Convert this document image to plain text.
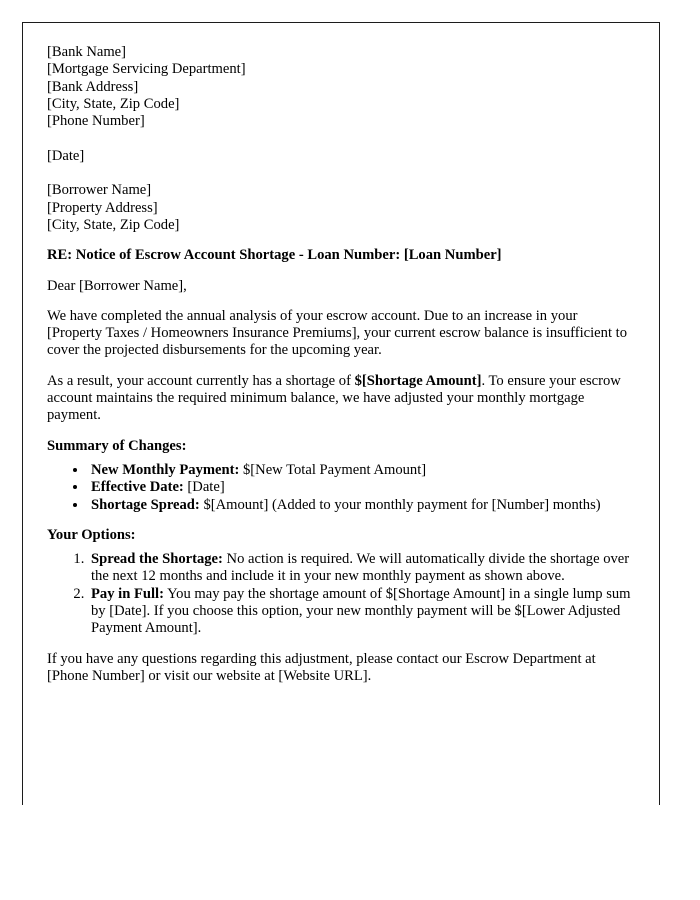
[Bank Name]
[Mortgage Servicing Department]
[Bank Address]
[City, State, Zip Code]
[Phone Number]
[Date]
[Borrower Name]
[Property Address]
[City, State, Zip Code]

RE: Notice of Escrow Account Shortage - Loan Number: [Loan Number]

Dear [Borrower Name],

We have completed the annual analysis of your escrow account. Due to an increase in your [Property Taxes / Homeowners Insurance Premiums], your current escrow balance is insufficient to cover the projected disbursements for the upcoming year.

As a result, your account currently has a shortage of $[Shortage Amount]. To ensure your escrow account maintains the required minimum balance, we have adjusted your monthly mortgage payment.

Summary of Changes:

• New Monthly Payment: $[New Total Payment Amount]
• Effective Date: [Date]
• Shortage Spread: $[Amount] (Added to your monthly payment for [Number] months)

Your Options:

1. Spread the Shortage: No action is required. We will automatically divide the shortage over the next 12 months and include it in your new monthly payment as shown above.
2. Pay in Full: You may pay the shortage amount of $[Shortage Amount] in a single lump sum by [Date]. If you choose this option, your new monthly payment will be $[Lower Adjusted Payment Amount].

If you have any questions regarding this adjustment, please contact our Escrow Department at [Phone Number] or visit our website at [Website URL].
